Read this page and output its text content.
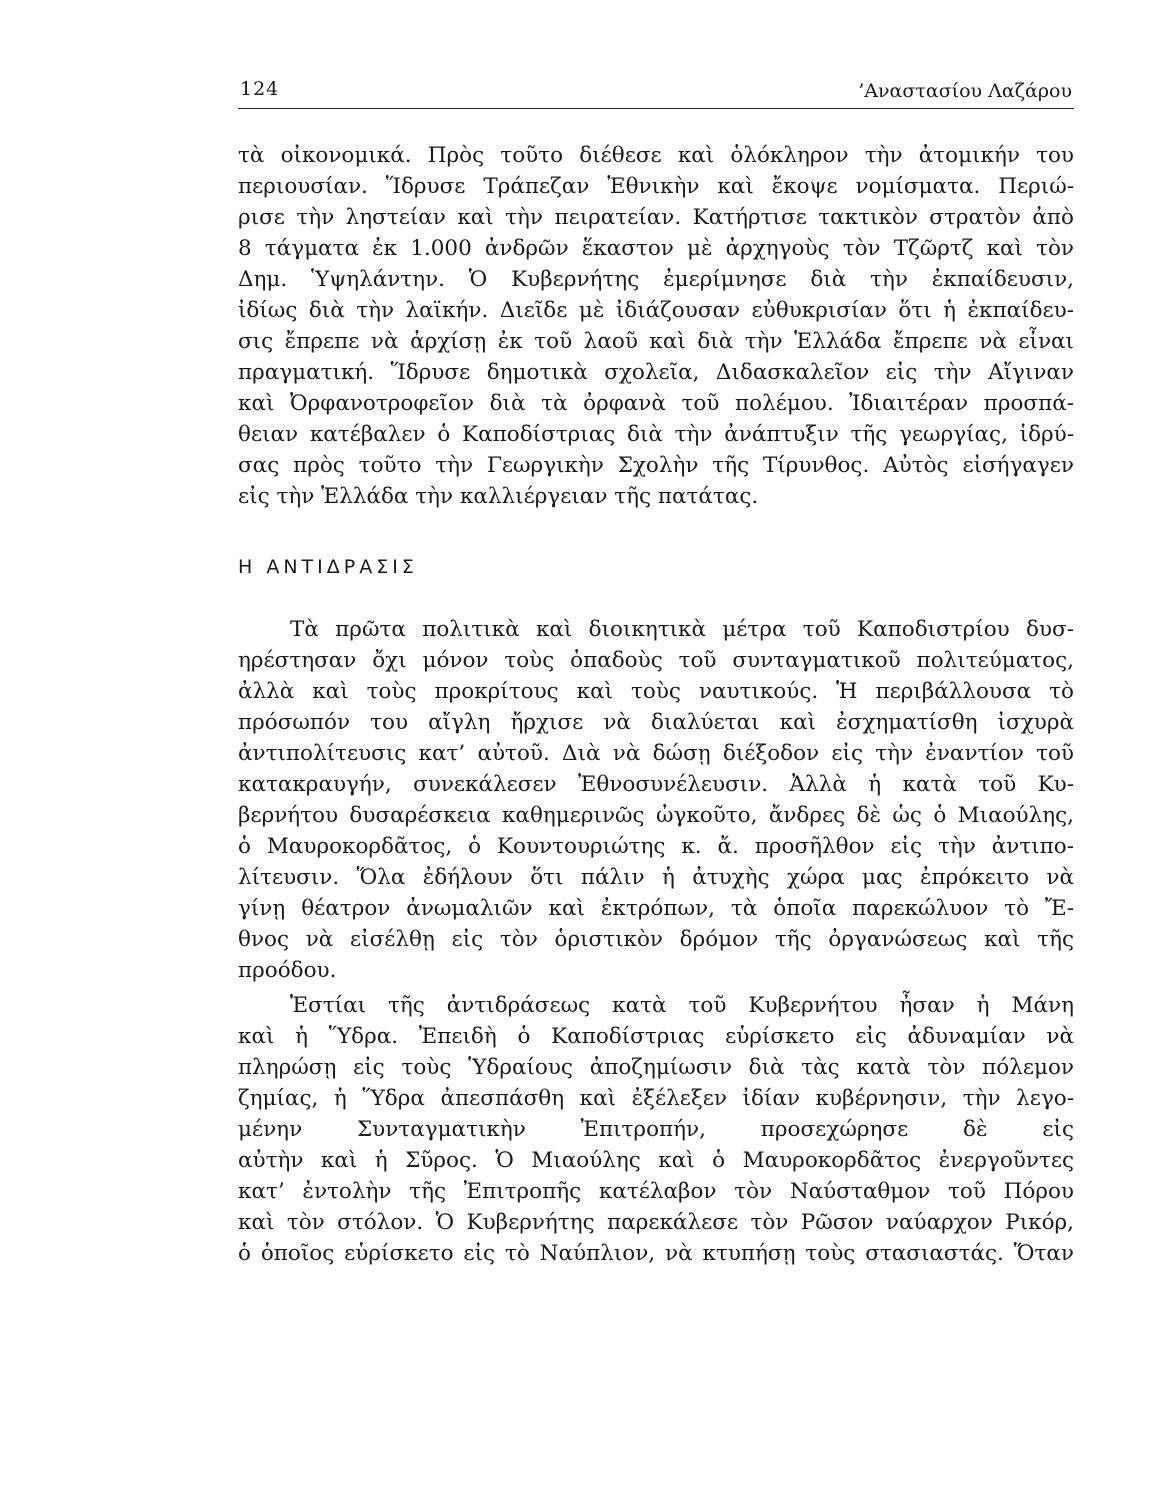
124	’Αναστασίου Λαζάρου
τὰ οἰκονομικά. Πρὸς τοῦτο διέθεσε καὶ ὁλόκληρον τὴν ἀτομικήν του
περιουσίαν. Ἵδρυσε Τράπεζαν Ἐθνικὴν καὶ ἔκοψε νομίσματα. Περιώ-
ρισε τὴν ληστείαν καὶ τὴν πειρατείαν. Κατήρτισε τακτικὸν στρατὸν ἀπὸ
8 τάγματα ἐκ 1.000 ἀνδρῶν ἕκαστον μὲ ἀρχηγοὺς τὸν Τζῶρτζ καὶ τὸν
Δημ. Ὑψηλάντην. Ὁ Κυβερνήτης ἐμερίμνησε διὰ τὴν ἐκπαίδευσιν,
ἰδίως διὰ τὴν λαϊκήν. Διεῖδε μὲ ἰδιάζουσαν εὐθυκρισίαν ὅτι ἡ ἐκπαίδευ-
σις ἔπρεπε νὰ ἀρχίσῃ ἐκ τοῦ λαοῦ καὶ διὰ τὴν Ἑλλάδα ἔπρεπε νὰ εἶναι
πραγματική. Ἵδρυσε δημοτικὰ σχολεῖα, Διδασκαλεῖον εἰς τὴν Αἴγιναν
καὶ Ὀρφανοτροφεῖον διὰ τὰ ὀρφανὰ τοῦ πολέμου. Ἰδιαιτέραν προσπά-
θειαν κατέβαλεν ὁ Καποδίστριας διὰ τὴν ἀνάπτυξιν τῆς γεωργίας, ἱδρύ-
σας πρὸς τοῦτο τὴν Γεωργικὴν Σχολὴν τῆς Τίρυνθος. Αὐτὸς εἰσήγαγεν
εἰς τὴν Ἑλλάδα τὴν καλλιέργειαν τῆς πατάτας.
Η ΑΝΤΙΔΡΑΣΙΣ
Τὰ πρῶτα πολιτικὰ καὶ διοικητικὰ μέτρα τοῦ Καποδιστρίου δυσ-
ηρέστησαν ὄχι μόνον τοὺς ὀπαδοὺς τοῦ συνταγματικοῦ πολιτεύματος,
ἀλλὰ καὶ τοὺς προκρίτους καὶ τοὺς ναυτικούς. Ἡ περιβάλλουσα τὸ
πρόσωπόν του αἴγλη ἤρχισε νὰ διαλύεται καὶ ἐσχηματίσθη ἰσχυρὰ
ἀντιπολίτευσις κατ’ αὐτοῦ. Διὰ νὰ δώσῃ διέξοδον εἰς τὴν ἐναντίον τοῦ
κατακραυγήν, συνεκάλεσεν Ἐθνοσυνέλευσιν. Ἀλλὰ ἡ κατὰ τοῦ Κυ-
βερνήτου δυσαρέσκεια καθημερινῶς ὠγκοῦτο, ἄνδρες δὲ ὡς ὁ Μιαούλης,
ὁ Μαυροκορδᾶτος, ὁ Κουντουριώτης κ. ἄ. προσῆλθον εἰς τὴν ἀντιπο-
λίτευσιν. Ὅλα ἐδήλουν ὅτι πάλιν ἡ ἀτυχὴς χώρα μας ἐπρόκειτο νὰ
γίνῃ θέατρον ἀνωμαλιῶν καὶ ἐκτρόπων, τὰ ὁποῖα παρεκώλυον τὸ Ἔ-
θνος νὰ εἰσέλθῃ εἰς τὸν ὁριστικὸν δρόμον τῆς ὀργανώσεως καὶ τῆς
προόδου.
Ἑστίαι τῆς ἀντιδράσεως κατὰ τοῦ Κυβερνήτου ἦσαν ἡ Μάνη
καὶ ἡ Ὕδρα. Ἐπειδὴ ὁ Καποδίστριας εὑρίσκετο εἰς ἀδυναμίαν νὰ
πληρώσῃ εἰς τοὺς Ὑδραίους ἀποζημίωσιν διὰ τὰς κατὰ τὸν πόλεμον
ζημίας, ἡ Ὕδρα ἀπεσπάσθη καὶ ἐξέλεξεν ἰδίαν κυβέρνησιν, τὴν λεγο-
μένην Συνταγματικὴν Ἐπιτροπήν, προσεχώρησε δὲ εἰς
αὐτὴν καὶ ἡ Σῦρος. Ὁ Μιαούλης καὶ ὁ Μαυροκορδᾶτος ἐνεργοῦντες
κατ’ ἐντολὴν τῆς Ἐπιτροπῆς κατέλαβον τὸν Ναύσταθμον τοῦ Πόρου
καὶ τὸν στόλον. Ὁ Κυβερνήτης παρεκάλεσε τὸν Ρῶσον ναύαρχον Ρικόρ,
ὁ ὁποῖος εὑρίσκετο εἰς τὸ Ναύπλιον, νὰ κτυπήσῃ τοὺς στασιαστάς. Ὅταν
